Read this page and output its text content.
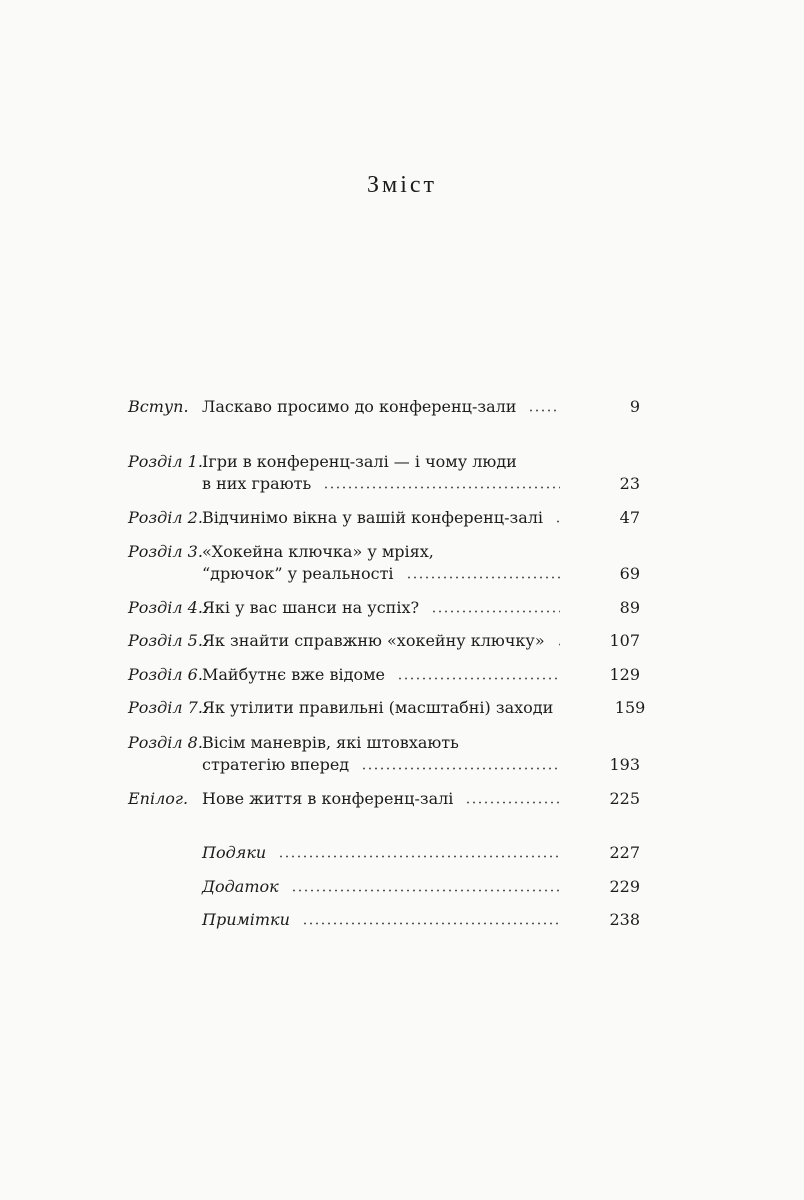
Зміст
Вступ. Ласкаво просимо до конференц-зали	9
Розділ 1. Ігри в конференц-залі — і чому люди
в них грають	23
Розділ 2. Відчинімо вікна у вашій конференц-залі	47
Розділ 3. «Хокейна ключка» у мріях,
“дрючок” у реальності	69
Розділ 4. Які у вас шанси на успіх?	89
Розділ 5. Як знайти справжню «хокейну ключку»	107
Розділ 6. Майбутнє вже відоме	129
Розділ 7. Як утілити правильні (масштабні) заходи	159
Розділ 8. Вісім маневрів, які штовхають
стратегію вперед	193
Епілог. Нове життя в конференц-залі	225
Подяки	227
Додаток	229
Примітки	238
